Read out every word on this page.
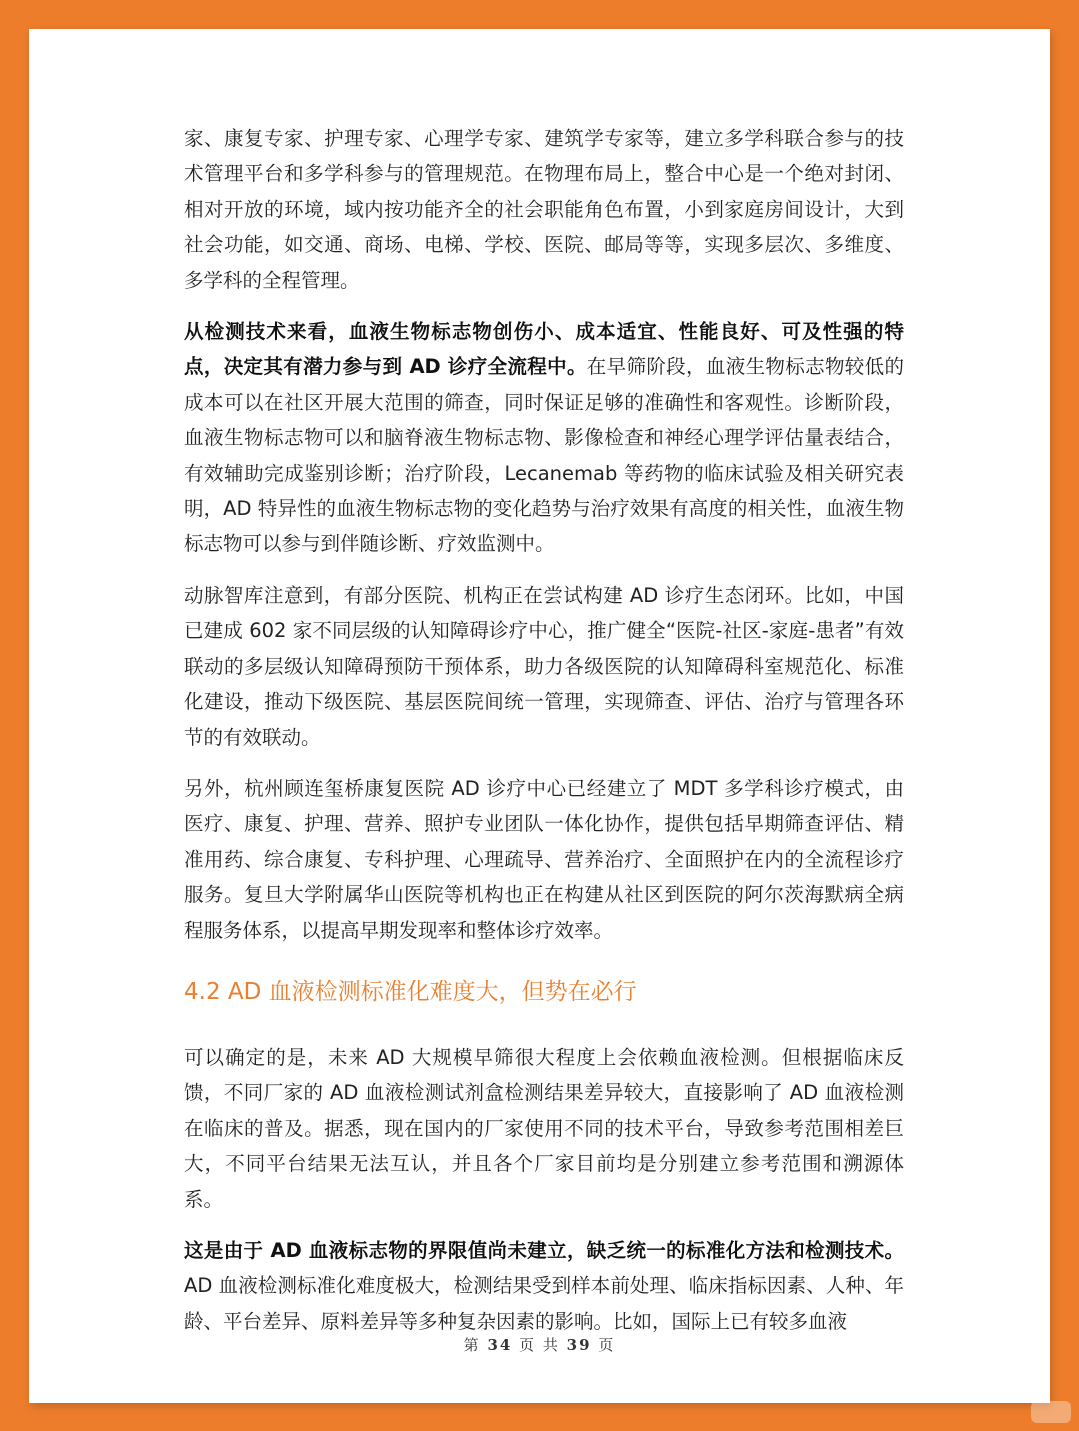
家、康复专家、护理专家、心理学专家、建筑学专家等，建立多学科联合参与的技术管理平台和多学科参与的管理规范。在物理布局上，整合中心是一个绝对封闭、相对开放的环境，域内按功能齐全的社会职能角色布置，小到家庭房间设计，大到社会功能，如交通、商场、电梯、学校、医院、邮局等等，实现多层次、多维度、多学科的全程管理。

从检测技术来看，血液生物标志物创伤小、成本适宜、性能良好、可及性强的特点，决定其有潜力参与到 AD 诊疗全流程中。在早筛阶段，血液生物标志物较低的成本可以在社区开展大范围的筛查，同时保证足够的准确性和客观性。诊断阶段，血液生物标志物可以和脑脊液生物标志物、影像检查和神经心理学评估量表结合，有效辅助完成鉴别诊断；治疗阶段，Lecanemab 等药物的临床试验及相关研究表明，AD 特异性的血液生物标志物的变化趋势与治疗效果有高度的相关性，血液生物标志物可以参与到伴随诊断、疗效监测中。

动脉智库注意到，有部分医院、机构正在尝试构建 AD 诊疗生态闭环。比如，中国已建成 602 家不同层级的认知障碍诊疗中心，推广健全“医院-社区-家庭-患者”有效联动的多层级认知障碍预防干预体系，助力各级医院的认知障碍科室规范化、标准化建设，推动下级医院、基层医院间统一管理，实现筛查、评估、治疗与管理各环节的有效联动。

另外，杭州顾连玺桥康复医院 AD 诊疗中心已经建立了 MDT 多学科诊疗模式，由医疗、康复、护理、营养、照护专业团队一体化协作，提供包括早期筛查评估、精准用药、综合康复、专科护理、心理疏导、营养治疗、全面照护在内的全流程诊疗服务。复旦大学附属华山医院等机构也正在构建从社区到医院的阿尔茨海默病全病程服务体系，以提高早期发现率和整体诊疗效率。

4.2 AD 血液检测标准化难度大，但势在必行

可以确定的是，未来 AD 大规模早筛很大程度上会依赖血液检测。但根据临床反馈，不同厂家的 AD 血液检测试剂盒检测结果差异较大，直接影响了 AD 血液检测在临床的普及。据悉，现在国内的厂家使用不同的技术平台，导致参考范围相差巨大，不同平台结果无法互认，并且各个厂家目前均是分别建立参考范围和溯源体系。

这是由于 AD 血液标志物的界限值尚未建立，缺乏统一的标准化方法和检测技术。AD 血液检测标准化难度极大，检测结果受到样本前处理、临床指标因素、人种、年龄、平台差异、原料差异等多种复杂因素的影响。比如，国际上已有较多血液

第 34 页 共 39 页
